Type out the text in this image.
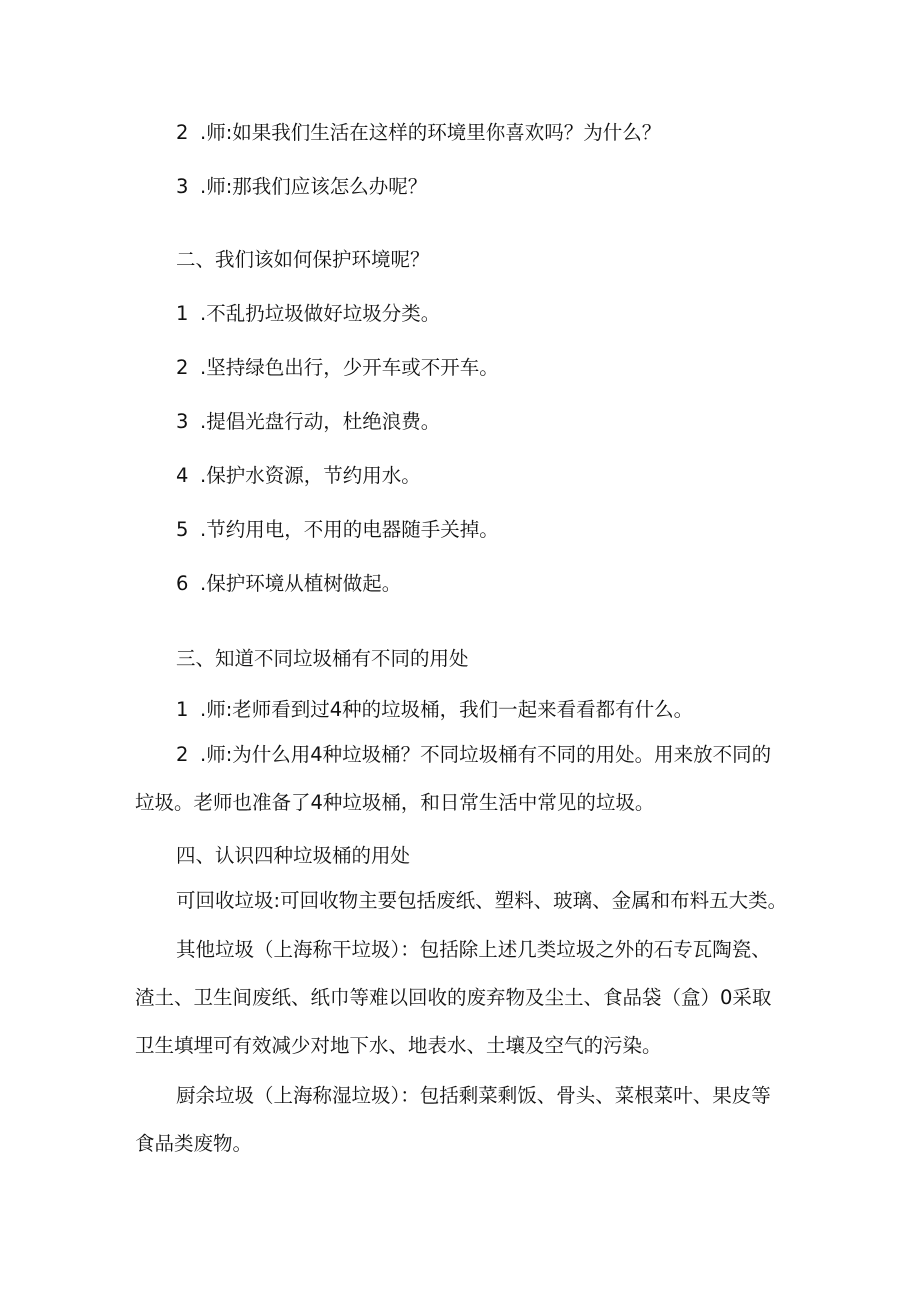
2 .师:如果我们生活在这样的环境里你喜欢吗？为什么？
3 .师:那我们应该怎么办呢？
二、我们该如何保护环境呢？
1 .不乱扔垃圾做好垃圾分类。
2 .坚持绿色出行，少开车或不开车。
3 .提倡光盘行动，杜绝浪费。
4 .保护水资源，节约用水。
5 .节约用电，不用的电器随手关掉。
6 .保护环境从植树做起。
三、知道不同垃圾桶有不同的用处
1 .师:老师看到过4种的垃圾桶，我们一起来看看都有什么。
2 .师:为什么用4种垃圾桶？不同垃圾桶有不同的用处。用来放不同的
垃圾。老师也准备了4种垃圾桶，和日常生活中常见的垃圾。
四、认识四种垃圾桶的用处
可回收垃圾:可回收物主要包括废纸、塑料、玻璃、金属和布料五大类。
其他垃圾（上海称干垃圾）：包括除上述几类垃圾之外的石专瓦陶瓷、
渣土、卫生间废纸、纸巾等难以回收的废弃物及尘土、食品袋（盒）0采取
卫生填埋可有效减少对地下水、地表水、土壤及空气的污染。
厨余垃圾（上海称湿垃圾）：包括剩菜剩饭、骨头、菜根菜叶、果皮等
食品类废物。
